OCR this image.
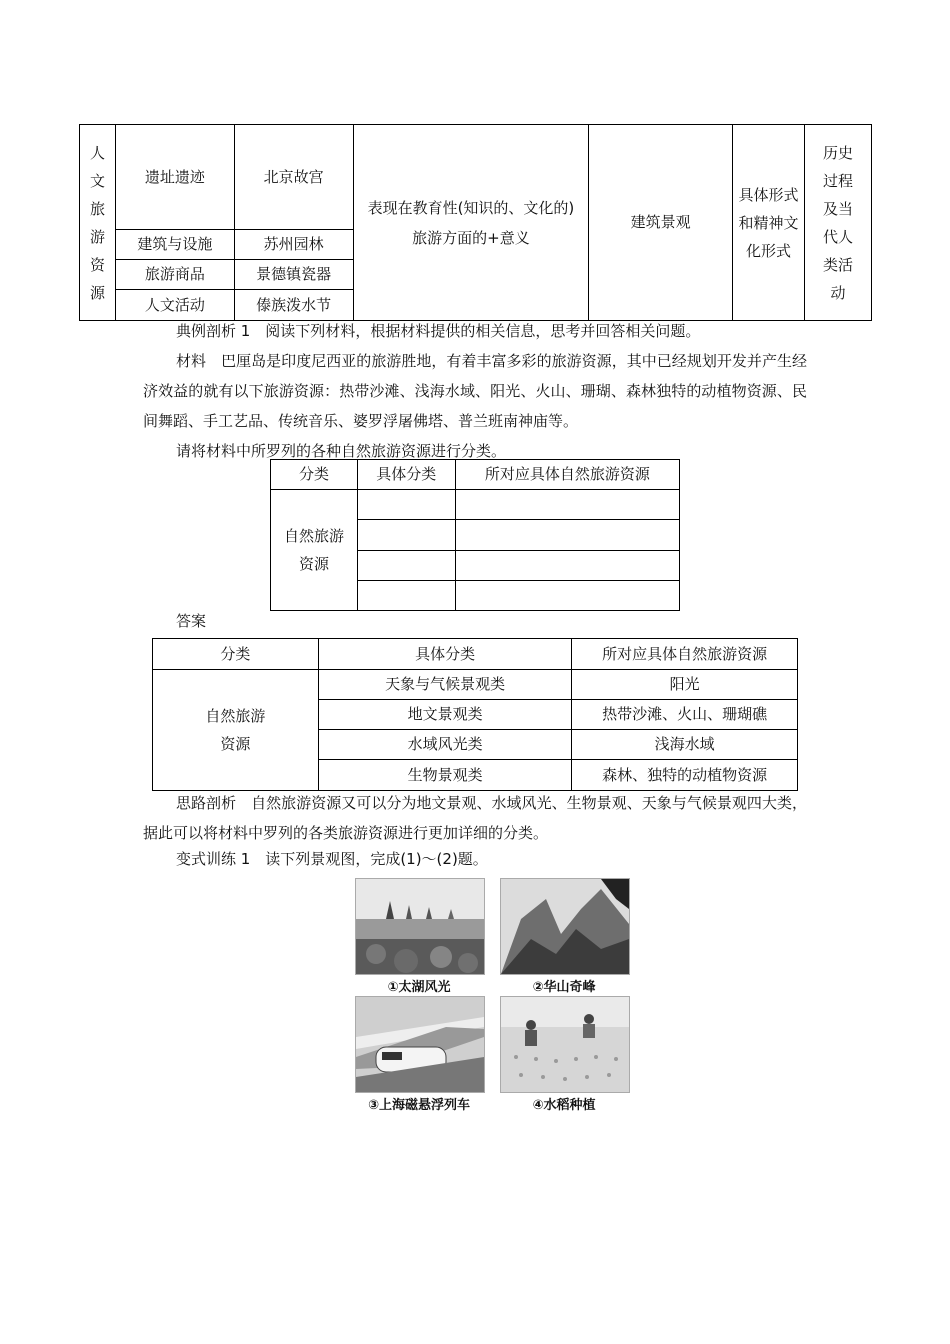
人文旅游资源	遗址遗迹	北京故宫	表现在教育性(知识的、文化的)旅游方面的+意义	建筑景观	具体形式和精神文化形式	历史过程及当代人类活动

	建筑与设施	苏州园林				
	旅游商品	景德镇瓷器				
	人文活动	傣族泼水节				
典例剖析 1　阅读下列材料，根据材料提供的相关信息，思考并回答相关问题。
材料　巴厘岛是印度尼西亚的旅游胜地，有着丰富多彩的旅游资源，其中已经规划开发并产生经济效益的就有以下旅游资源：热带沙滩、浅海水域、阳光、火山、珊瑚、森林独特的动植物资源、民间舞蹈、手工艺品、传统音乐、婆罗浮屠佛塔、普兰班南神庙等。
请将材料中所罗列的各种自然旅游资源进行分类。
分类	具体分类	所对应具体自然旅游资源

自然旅游资源		

答案
分类	具体分类	所对应具体自然旅游资源

自然旅游资源	天象与气候景观类	阳光
	地文景观类	热带沙滩、火山、珊瑚礁
	水域风光类	浅海水域
	生物景观类	森林、独特的动植物资源
思路剖析　自然旅游资源又可以分为地文景观、水域风光、生物景观、天象与气候景观四大类，据此可以将材料中罗列的各类旅游资源进行更加详细的分类。
变式训练 1　读下列景观图，完成(1)～(2)题。
①太湖风光	②华山奇峰
③上海磁悬浮列车	④水稻种植
